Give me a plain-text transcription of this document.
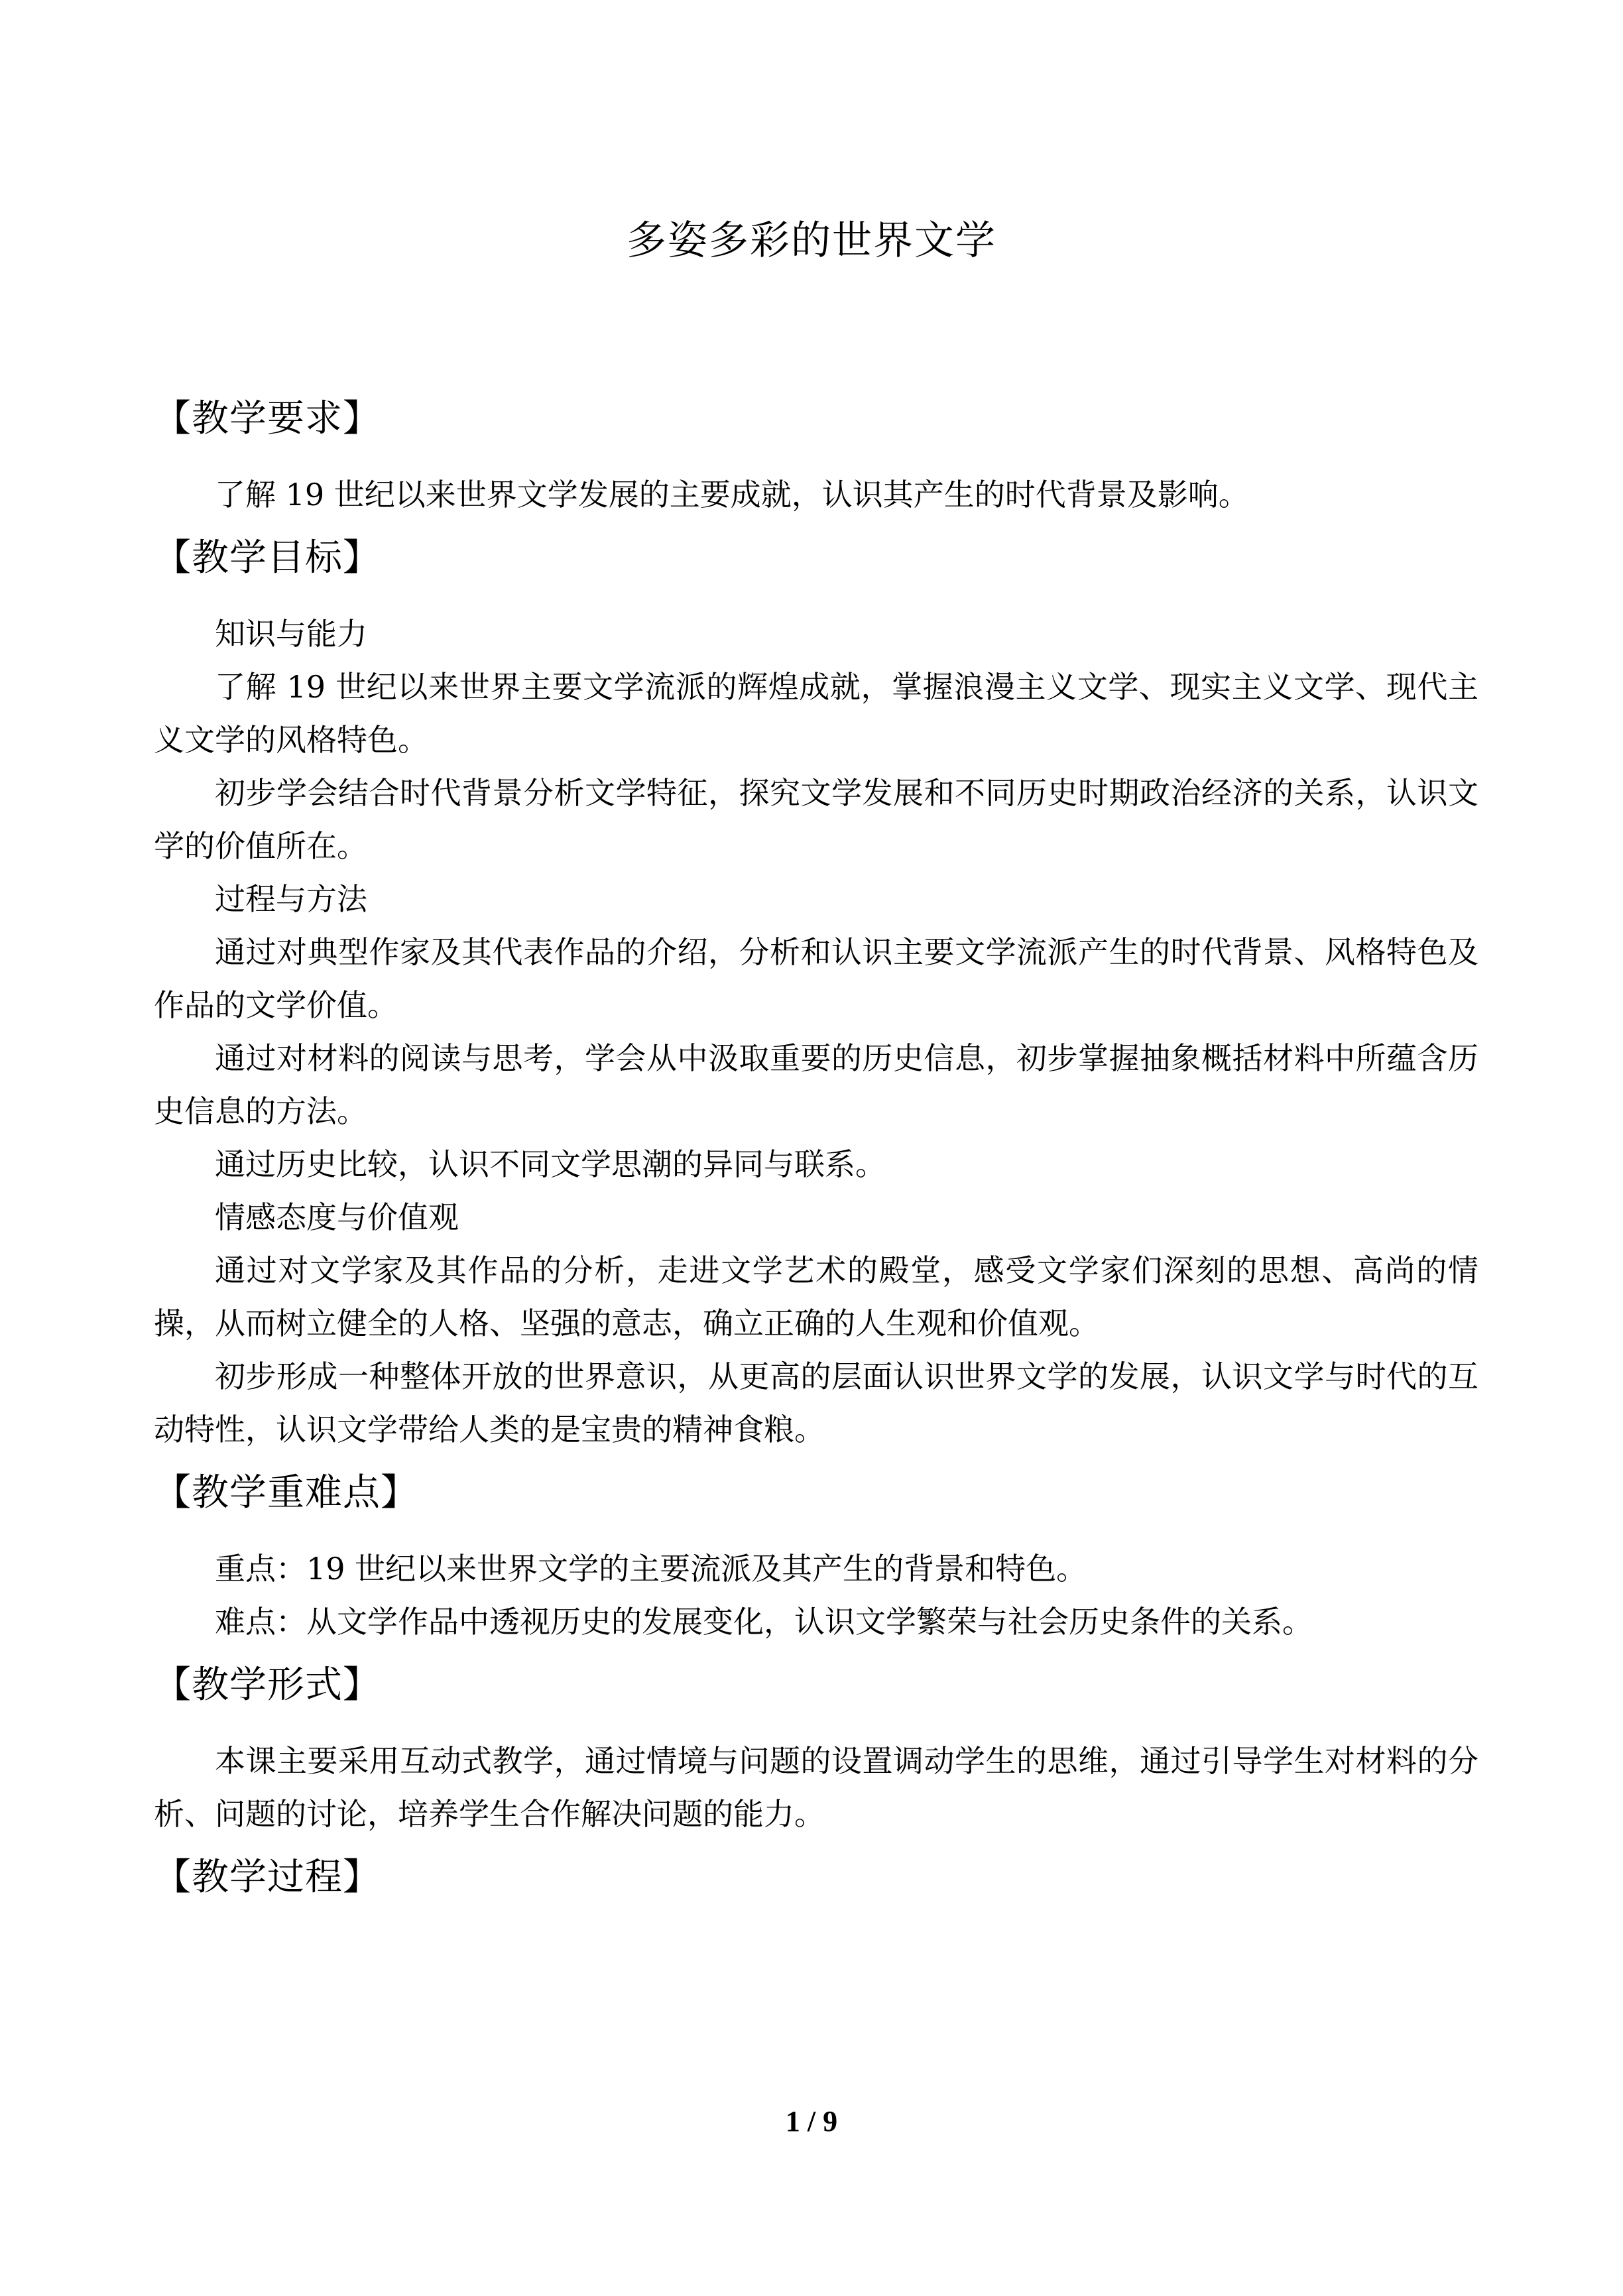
多姿多彩的世界文学
【教学要求】

了解 19 世纪以来世界文学发展的主要成就，认识其产生的时代背景及影响。

【教学目标】

知识与能力

了解 19 世纪以来世界主要文学流派的辉煌成就，掌握浪漫主义文学、现实主义文学、现代主义文学的风格特色。

初步学会结合时代背景分析文学特征，探究文学发展和不同历史时期政治经济的关系，认识文学的价值所在。

过程与方法

通过对典型作家及其代表作品的介绍，分析和认识主要文学流派产生的时代背景、风格特色及作品的文学价值。

通过对材料的阅读与思考，学会从中汲取重要的历史信息，初步掌握抽象概括材料中所蕴含历史信息的方法。

通过历史比较，认识不同文学思潮的异同与联系。

情感态度与价值观

通过对文学家及其作品的分析，走进文学艺术的殿堂，感受文学家们深刻的思想、高尚的情操，从而树立健全的人格、坚强的意志，确立正确的人生观和价值观。

初步形成一种整体开放的世界意识，从更高的层面认识世界文学的发展，认识文学与时代的互动特性，认识文学带给人类的是宝贵的精神食粮。

【教学重难点】

重点：19 世纪以来世界文学的主要流派及其产生的背景和特色。

难点：从文学作品中透视历史的发展变化，认识文学繁荣与社会历史条件的关系。

【教学形式】

本课主要采用互动式教学，通过情境与问题的设置调动学生的思维，通过引导学生对材料的分析、问题的讨论，培养学生合作解决问题的能力。

【教学过程】
1 / 9
